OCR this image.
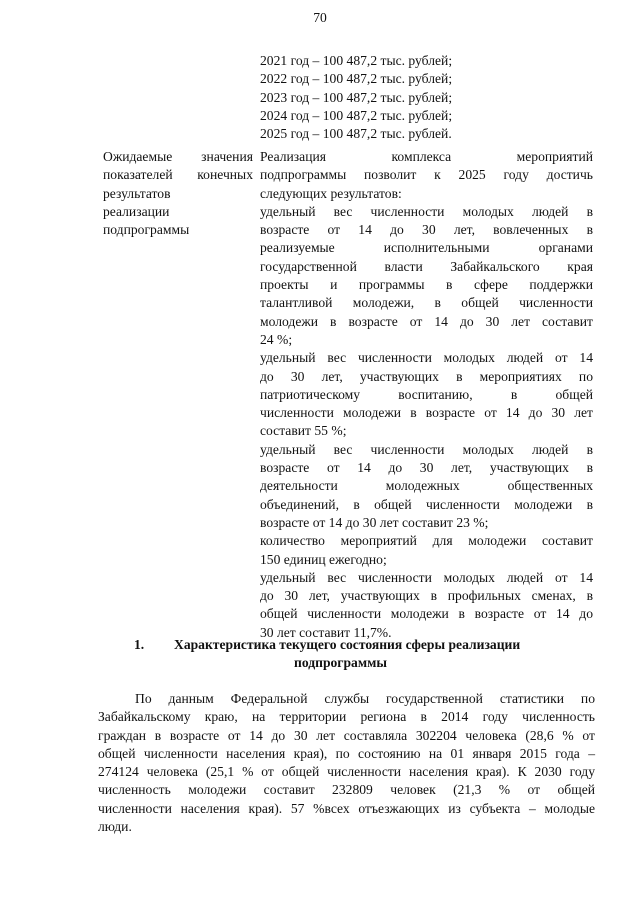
70
2021 год – 100 487,2 тыс. рублей;
2022 год – 100 487,2 тыс. рублей;
2023 год – 100 487,2 тыс. рублей;
2024 год – 100 487,2 тыс. рублей;
2025 год – 100 487,2 тыс. рублей.
Ожидаемые значения
показателей конечных
результатов
реализации
подпрограммы
Реализация комплекса мероприятий
подпрограммы позволит к 2025 году достичь
следующих результатов:
удельный вес численности молодых людей в
возрасте от 14 до 30 лет, вовлеченных в
реализуемые исполнительными органами
государственной власти Забайкальского края
проекты и программы в сфере поддержки
талантливой молодежи, в общей численности
молодежи в возрасте от 14 до 30 лет составит
24 %;
удельный вес численности молодых людей от 14
до 30 лет, участвующих в мероприятиях по
патриотическому воспитанию, в общей
численности молодежи в возрасте от 14 до 30 лет
составит 55 %;
удельный вес численности молодых людей в
возрасте от 14 до 30 лет, участвующих в
деятельности молодежных общественных
объединений, в общей численности молодежи в
возрасте от 14 до 30 лет составит 23 %;
количество мероприятий для молодежи составит
150 единиц ежегодно;
удельный вес численности молодых людей от 14
до 30 лет, участвующих в профильных сменах, в
общей численности молодежи в возрасте от 14 до
30 лет составит 11,7%.
1. Характеристика текущего состояния сферы реализации
подпрограммы
По данным Федеральной службы государственной статистики по
Забайкальскому краю, на территории региона в 2014 году численность
граждан в возрасте от 14 до 30 лет составляла 302204 человека (28,6 % от
общей численности населения края), по состоянию на 01 января 2015 года –
274124 человека (25,1 % от общей численности населения края). К 2030 году
численность молодежи составит 232809 человек (21,3 % от общей
численности населения края). 57 %всех отъезжающих из субъекта – молодые
люди.
